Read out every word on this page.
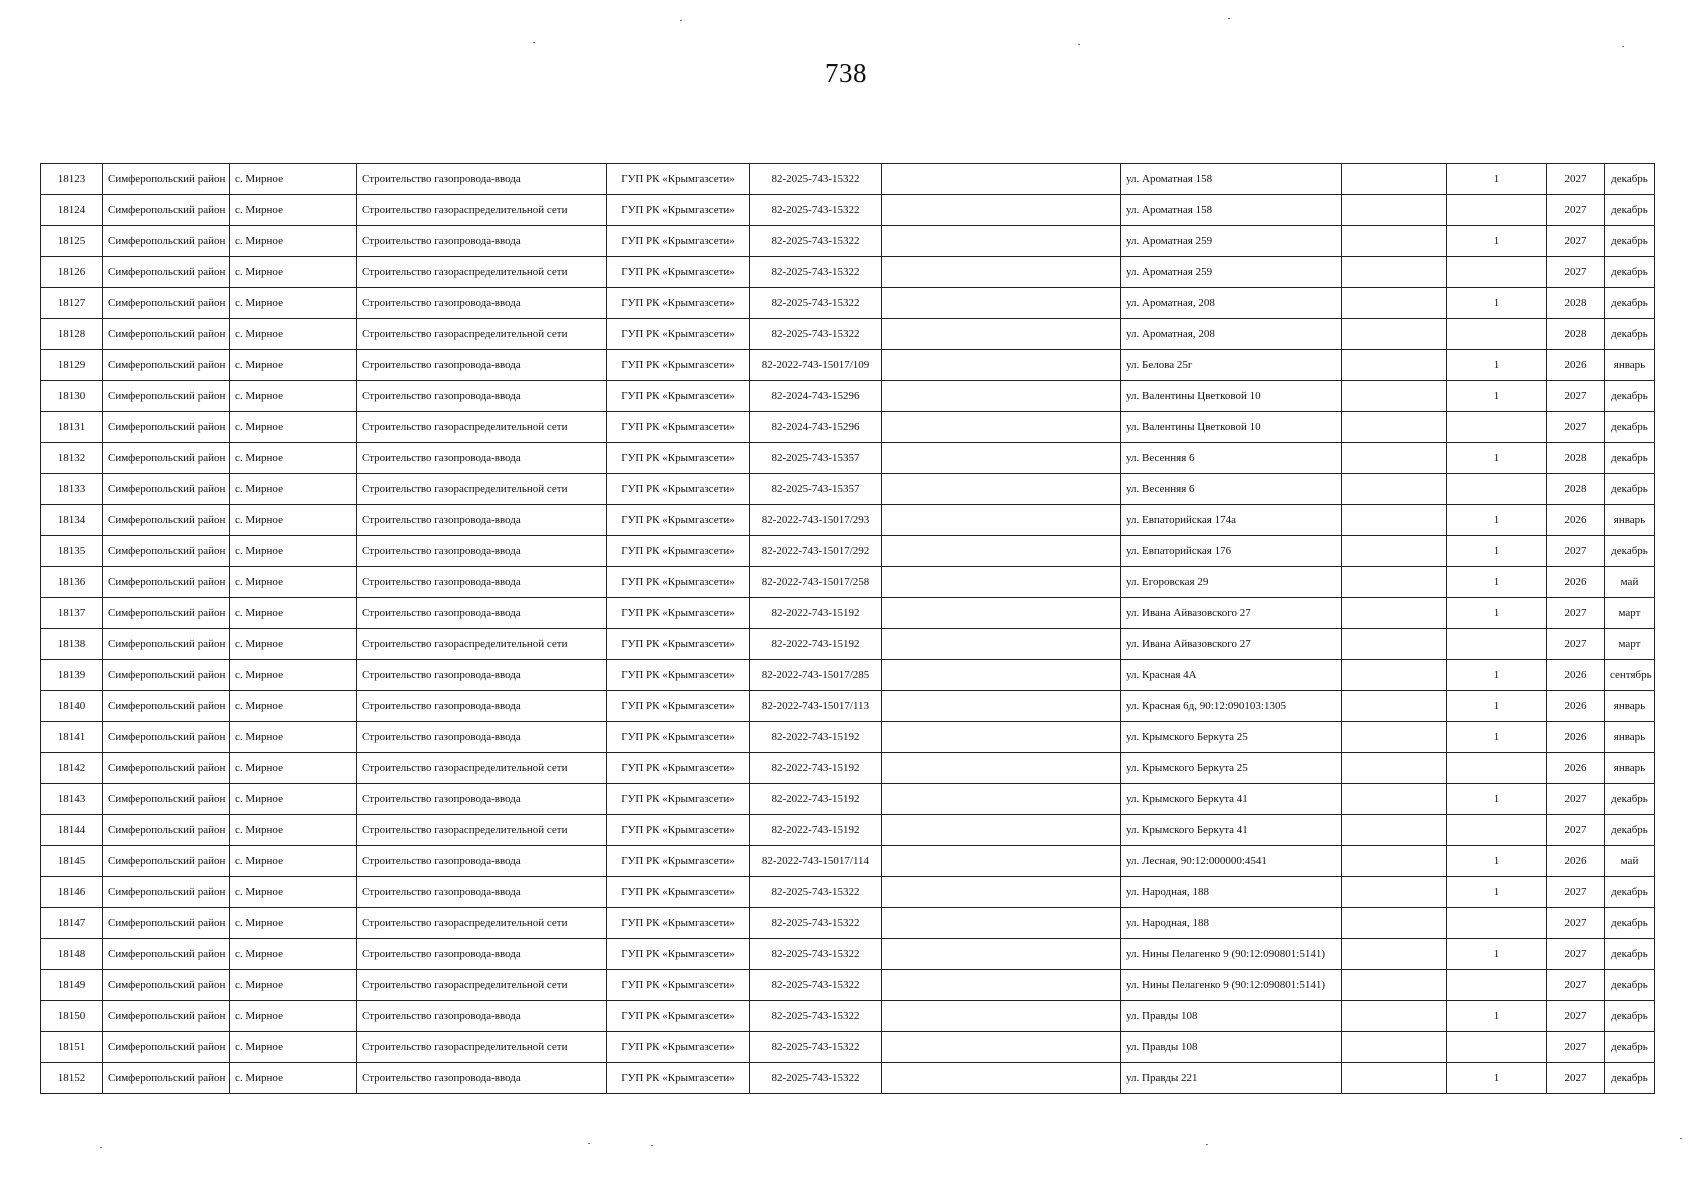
738
18123	Симферопольский район	с. Мирное	Строительство газопровода-ввода	ГУП РК «Крымгазсети»	82-2025-743-15322		ул. Ароматная 158		1	2027	декабрь
18124	Симферопольский район	с. Мирное	Строительство газораспределительной сети	ГУП РК «Крымгазсети»	82-2025-743-15322		ул. Ароматная 158			2027	декабрь
18125	Симферопольский район	с. Мирное	Строительство газопровода-ввода	ГУП РК «Крымгазсети»	82-2025-743-15322		ул. Ароматная 259		1	2027	декабрь
18126	Симферопольский район	с. Мирное	Строительство газораспределительной сети	ГУП РК «Крымгазсети»	82-2025-743-15322		ул. Ароматная 259			2027	декабрь
18127	Симферопольский район	с. Мирное	Строительство газопровода-ввода	ГУП РК «Крымгазсети»	82-2025-743-15322		ул. Ароматная, 208		1	2028	декабрь
18128	Симферопольский район	с. Мирное	Строительство газораспределительной сети	ГУП РК «Крымгазсети»	82-2025-743-15322		ул. Ароматная, 208			2028	декабрь
18129	Симферопольский район	с. Мирное	Строительство газопровода-ввода	ГУП РК «Крымгазсети»	82-2022-743-15017/109		ул. Белова 25г		1	2026	январь
18130	Симферопольский район	с. Мирное	Строительство газопровода-ввода	ГУП РК «Крымгазсети»	82-2024-743-15296		ул. Валентины Цветковой 10		1	2027	декабрь
18131	Симферопольский район	с. Мирное	Строительство газораспределительной сети	ГУП РК «Крымгазсети»	82-2024-743-15296		ул. Валентины Цветковой 10			2027	декабрь
18132	Симферопольский район	с. Мирное	Строительство газопровода-ввода	ГУП РК «Крымгазсети»	82-2025-743-15357		ул. Весенняя 6		1	2028	декабрь
18133	Симферопольский район	с. Мирное	Строительство газораспределительной сети	ГУП РК «Крымгазсети»	82-2025-743-15357		ул. Весенняя 6			2028	декабрь
18134	Симферопольский район	с. Мирное	Строительство газопровода-ввода	ГУП РК «Крымгазсети»	82-2022-743-15017/293		ул. Евпаторийская 174а		1	2026	январь
18135	Симферопольский район	с. Мирное	Строительство газопровода-ввода	ГУП РК «Крымгазсети»	82-2022-743-15017/292		ул. Евпаторийская 176		1	2027	декабрь
18136	Симферопольский район	с. Мирное	Строительство газопровода-ввода	ГУП РК «Крымгазсети»	82-2022-743-15017/258		ул. Егоровская 29		1	2026	май
18137	Симферопольский район	с. Мирное	Строительство газопровода-ввода	ГУП РК «Крымгазсети»	82-2022-743-15192		ул. Ивана Айвазовского 27		1	2027	март
18138	Симферопольский район	с. Мирное	Строительство газораспределительной сети	ГУП РК «Крымгазсети»	82-2022-743-15192		ул. Ивана Айвазовского 27			2027	март
18139	Симферопольский район	с. Мирное	Строительство газопровода-ввода	ГУП РК «Крымгазсети»	82-2022-743-15017/285		ул. Красная 4А		1	2026	сентябрь
18140	Симферопольский район	с. Мирное	Строительство газопровода-ввода	ГУП РК «Крымгазсети»	82-2022-743-15017/113		ул. Красная 6д, 90:12:090103:1305		1	2026	январь
18141	Симферопольский район	с. Мирное	Строительство газопровода-ввода	ГУП РК «Крымгазсети»	82-2022-743-15192		ул. Крымского Беркута 25		1	2026	январь
18142	Симферопольский район	с. Мирное	Строительство газораспределительной сети	ГУП РК «Крымгазсети»	82-2022-743-15192		ул. Крымского Беркута 25			2026	январь
18143	Симферопольский район	с. Мирное	Строительство газопровода-ввода	ГУП РК «Крымгазсети»	82-2022-743-15192		ул. Крымского Беркута 41		1	2027	декабрь
18144	Симферопольский район	с. Мирное	Строительство газораспределительной сети	ГУП РК «Крымгазсети»	82-2022-743-15192		ул. Крымского Беркута 41			2027	декабрь
18145	Симферопольский район	с. Мирное	Строительство газопровода-ввода	ГУП РК «Крымгазсети»	82-2022-743-15017/114		ул. Лесная, 90:12:000000:4541		1	2026	май
18146	Симферопольский район	с. Мирное	Строительство газопровода-ввода	ГУП РК «Крымгазсети»	82-2025-743-15322		ул. Народная, 188		1	2027	декабрь
18147	Симферопольский район	с. Мирное	Строительство газораспределительной сети	ГУП РК «Крымгазсети»	82-2025-743-15322		ул. Народная, 188			2027	декабрь
18148	Симферопольский район	с. Мирное	Строительство газопровода-ввода	ГУП РК «Крымгазсети»	82-2025-743-15322		ул. Нины Пелагенко 9 (90:12:090801:5141)		1	2027	декабрь
18149	Симферопольский район	с. Мирное	Строительство газораспределительной сети	ГУП РК «Крымгазсети»	82-2025-743-15322		ул. Нины Пелагенко 9 (90:12:090801:5141)			2027	декабрь
18150	Симферопольский район	с. Мирное	Строительство газопровода-ввода	ГУП РК «Крымгазсети»	82-2025-743-15322		ул. Правды 108		1	2027	декабрь
18151	Симферопольский район	с. Мирное	Строительство газораспределительной сети	ГУП РК «Крымгазсети»	82-2025-743-15322		ул. Правды 108			2027	декабрь
18152	Симферопольский район	с. Мирное	Строительство газопровода-ввода	ГУП РК «Крымгазсети»	82-2025-743-15322		ул. Правды 221		1	2027	декабрь
